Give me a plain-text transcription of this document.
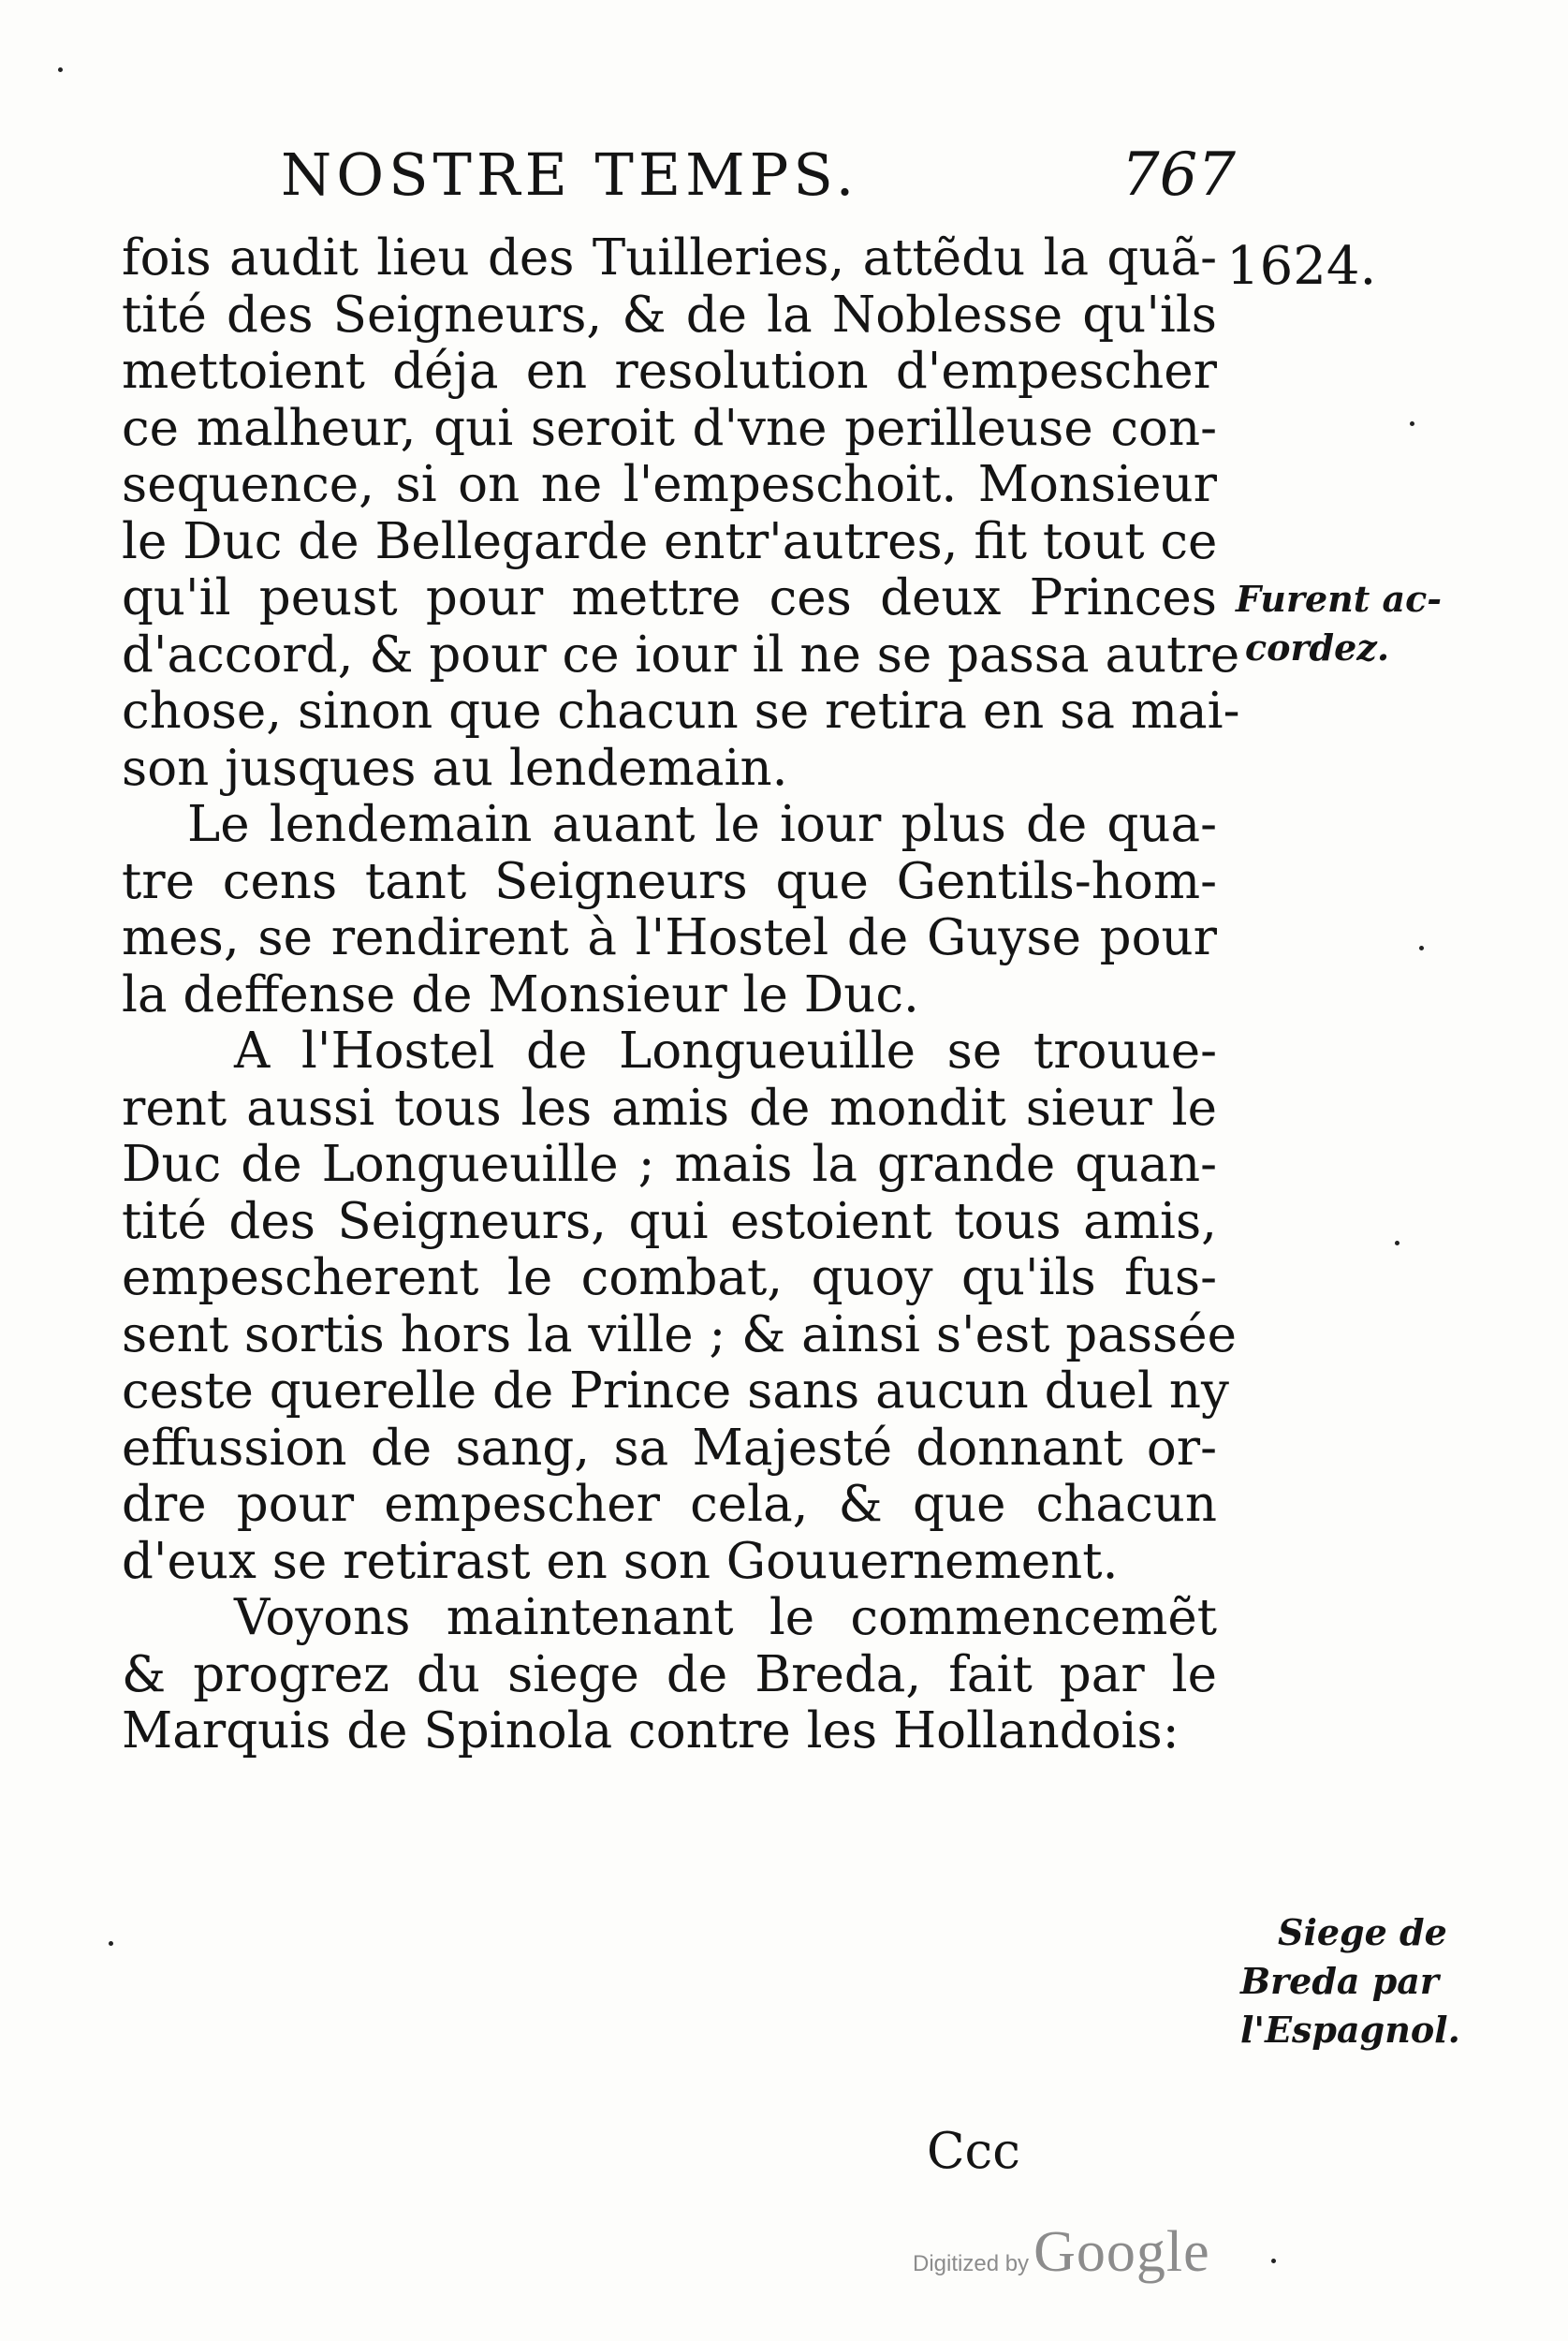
NOSTRE TEMPS.	767
1624.
fois audit lieu des Tuilleries, attẽdu la quã-
tité des Seigneurs, & de la Noblesse qu'ils
mettoient déja en resolution d'empescher
ce malheur, qui seroit d'vne perilleuse con-
sequence, si on ne l'empeschoit. Monsieur
le Duc de Bellegarde entr'autres, fit tout ce
qu'il peust pour mettre ces deux Princes
d'accord, & pour ce iour il ne se passa autre
chose, sinon que chacun se retira en sa mai-
son jusques au lendemain.
Le lendemain auant le iour plus de qua-
tre cens tant Seigneurs que Gentils-hom-
mes, se rendirent à l'Hostel de Guyse pour
la deffense de Monsieur le Duc.
A l'Hostel de Longueuille se trouue-
rent aussi tous les amis de mondit sieur le
Duc de Longueuille ; mais la grande quan-
tité des Seigneurs, qui estoient tous amis,
empescherent le combat, quoy qu'ils fus-
sent sortis hors la ville ; & ainsi s'est passée
ceste querelle de Prince sans aucun duel ny
effussion de sang, sa Majesté donnant or-
dre pour empescher cela, & que chacun
d'eux se retirast en son Gouuernement.
Voyons maintenant le commencemẽt
& progrez du siege de Breda, fait par le
Marquis de Spinola contre les Hollandois:
Furent ac-
cordez.
Siege de
Breda par
l'Espagnol.
Ccc
Digitized by Google
